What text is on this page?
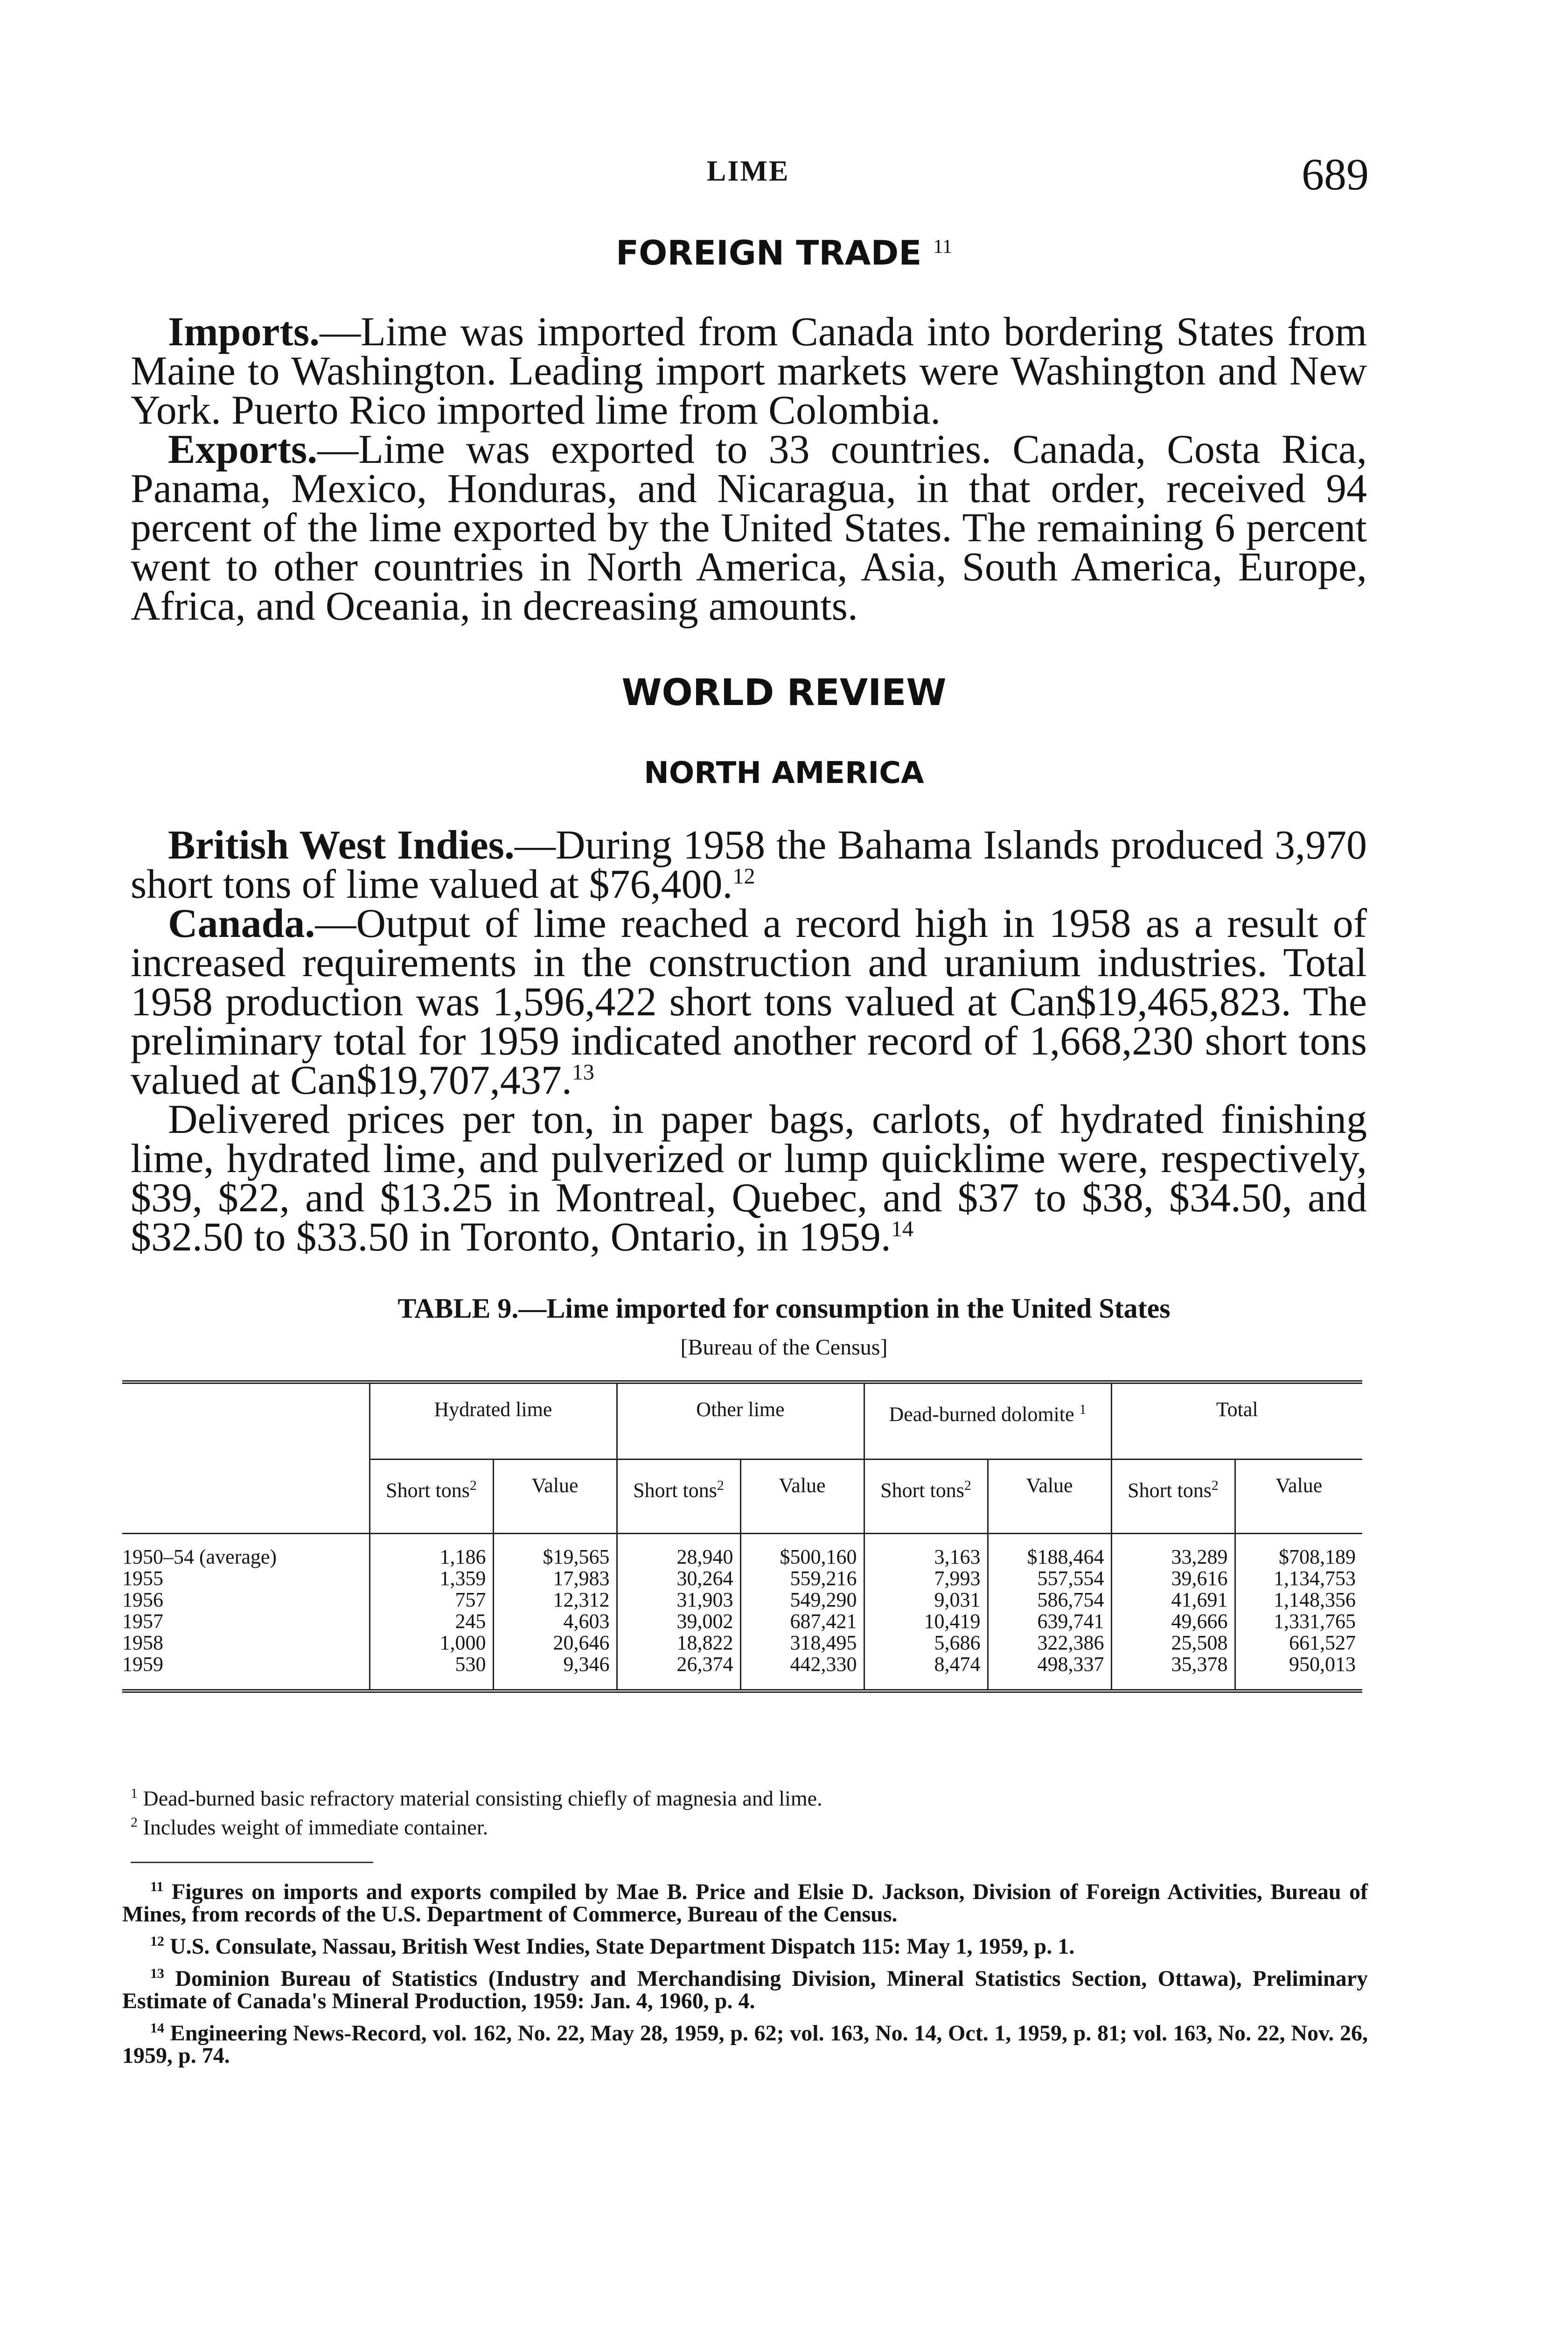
LIME	689
FOREIGN TRADE $^{11}$

Imports.—Lime was imported from Canada into bordering States from Maine to Washington. Leading import markets were Washington and New York. Puerto Rico imported lime from Colombia.

Exports.—Lime was exported to 33 countries. Canada, Costa Rica, Panama, Mexico, Honduras, and Nicaragua, in that order, received 94 percent of the lime exported by the United States. The remaining 6 percent went to other countries in North America, Asia, South America, Europe, Africa, and Oceania, in decreasing amounts.

WORLD REVIEW
NORTH AMERICA

British West Indies.—During 1958 the Bahama Islands produced 3,970 short tons of lime valued at $76,400.12

Canada.—Output of lime reached a record high in 1958 as a result of increased requirements in the construction and uranium industries. Total 1958 production was 1,596,422 short tons valued at Can$19,465,823. The preliminary total for 1959 indicated another record of 1,668,230 short tons valued at Can$19,707,437.13

Delivered prices per ton, in paper bags, carlots, of hydrated finishing lime, hydrated lime, and pulverized or lump quicklime were, respectively, $39, $22, and $13.25 in Montreal, Quebec, and $37 to $38, $34.50, and $32.50 to $33.50 in Toronto, Ontario, in 1959.14

TABLE 9.—Lime imported for consumption in the United States
[Bureau of the Census]
	Hydrated lime		Other lime		Dead-burned dolomite $^1$		Total	
	Short tons$^2$	Value	Short tons$^2$	Value	Short tons$^2$	Value	Short tons$^2$	Value
1950–54 (average)	1,186	$19,565	28,940	$500,160	3,163	$188,464	33,289	$708,189
1955	1,359	17,983	30,264	559,216	7,993	557,554	39,616	1,134,753
1956	757	12,312	31,903	549,290	9,031	586,754	41,691	1,148,356
1957	245	4,603	39,002	687,421	10,419	639,741	49,666	1,331,765
1958	1,000	20,646	18,822	318,495	5,686	322,386	25,508	661,527
1959	530	9,346	26,374	442,330	8,474	498,337	35,378	950,013
$^1$ Dead-burned basic refractory material consisting chiefly of magnesia and lime.
$^2$ Includes weight of immediate container.

$^{11}$ Figures on imports and exports compiled by Mae B. Price and Elsie D. Jackson, Division of Foreign Activities, Bureau of Mines, from records of the U.S. Department of Commerce, Bureau of the Census.

$^{12}$ U.S. Consulate, Nassau, British West Indies, State Department Dispatch 115: May 1, 1959, p. 1.

$^{13}$ Dominion Bureau of Statistics (Industry and Merchandising Division, Mineral Statistics Section, Ottawa), Preliminary Estimate of Canada's Mineral Production, 1959: Jan. 4, 1960, p. 4.

$^{14}$ Engineering News-Record, vol. 162, No. 22, May 28, 1959, p. 62; vol. 163, No. 14, Oct. 1, 1959, p. 81; vol. 163, No. 22, Nov. 26, 1959, p. 74.
